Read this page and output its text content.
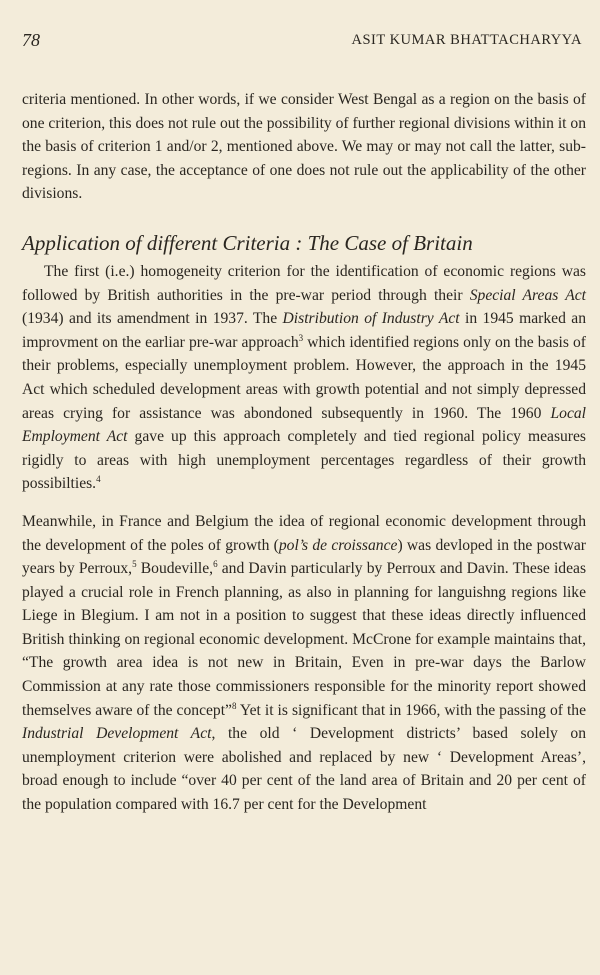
78	ASIT KUMAR BHATTACHARYYA

criteria mentioned. In other words, if we consider West Bengal as a region on the basis of one criterion, this does not rule out the possibility of further regional divisions within it on the basis of criterion 1 and/or 2, mentioned above. We may or may not call the latter, sub-regions. In any case, the acceptance of one does not rule out the applicability of the other divisions.

Application of different Criteria : The Case of Britain

The first (i.e.) homogeneity criterion for the identification of economic regions was followed by British authorities in the pre-war period through their Special Areas Act (1934) and its amendment in 1937. The Distribution of Industry Act in 1945 marked an improvment on the earliar pre-war approach$^3$ which identified regions only on the basis of their problems, especially unemployment problem. However, the approach in the 1945 Act which scheduled development areas with growth potential and not simply depressed areas crying for assistance was abondoned subsequently in 1960. The 1960 Local Employment Act gave up this approach completely and tied regional policy measures rigidly to areas with high unemployment percentages regardless of their growth possibilties.$^4$

Meanwhile, in France and Belgium the idea of regional economic development through the development of the poles of growth (pol’s de croissance) was devloped in the postwar years by Perroux,$^5$ Boudeville,$^6$ and Davin particularly by Perroux and Davin. These ideas played a crucial role in French planning, as also in planning for languishng regions like Liege in Blegium. I am not in a position to suggest that these ideas directly influenced British thinking on regional economic development. McCrone for example maintains that, “The growth area idea is not new in Britain, Even in pre-war days the Barlow Commission at any rate those commissioners responsible for the minority report showed themselves aware of the concept”$^8$ Yet it is significant that in 1966, with the passing of the Industrial Development Act, the old ‘ Development districts’ based solely on unemployment criterion were abolished and replaced by new ‘ Development Areas’, broad enough to include “over 40 per cent of the land area of Britain and 20 per cent of the population compared with 16.7 per cent for the Development
